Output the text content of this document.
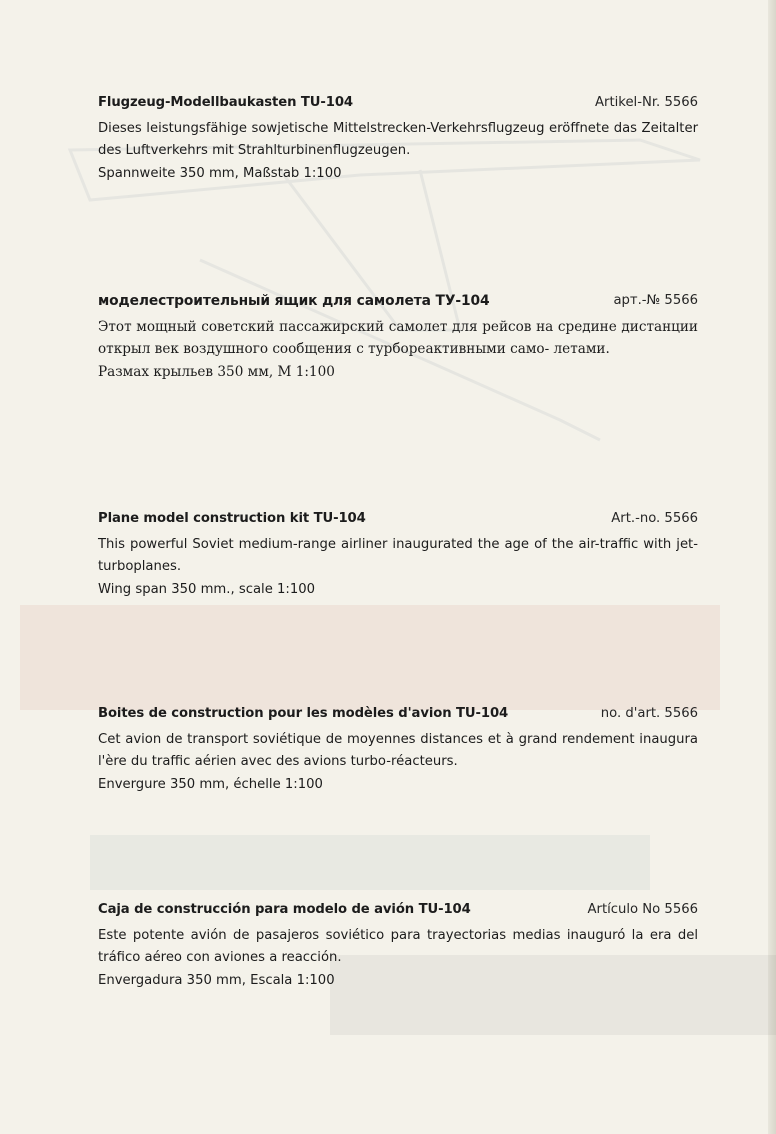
Flugzeug-Modellbaukasten TU-104	Artikel-Nr. 5566

Dieses leistungsfähige sowjetische Mittelstrecken-Verkehrsflugzeug eröffnete das Zeitalter des Luftverkehrs mit Strahlturbinenflugzeugen.

Spannweite 350 mm, Maßstab 1:100

моделестроительный ящик для самолета ТУ-104	арт.-№ 5566

Этот мощный советский пассажирский самолет для рейсов на средине дистанции открыл век воздушного сообщения с турбореактивными само- летами.

Размах крыльев 350 мм, М 1:100

Plane model construction kit TU-104	Art.-no. 5566

This powerful Soviet medium-range airliner inaugurated the age of the air-traffic with jet-turboplanes.

Wing span 350 mm., scale 1:100

Boites de construction pour les modèles d'avion TU-104	no. d'art. 5566

Cet avion de transport soviétique de moyennes distances et à grand rendement inaugura l'ère du traffic aérien avec des avions turbo-réacteurs.

Envergure 350 mm, échelle 1:100

Caja de construcción para modelo de avión TU-104	Artículo No 5566

Este potente avión de pasajeros soviético para trayectorias medias inauguró la era del tráfico aéreo con aviones a reacción.

Envergadura 350 mm, Escala 1:100
